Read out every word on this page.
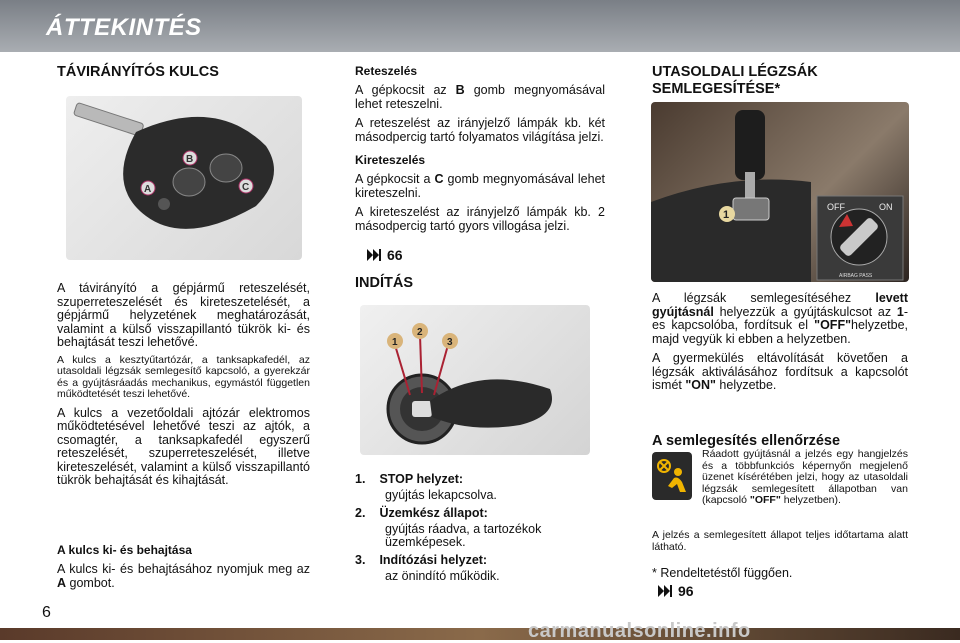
ÁTTEKINTÉS
TÁVIRÁNYÍTÓS KULCS
B
C
A

A távirányító a gépjármű reteszelését, szuperreteszelését és kireteszetelését, a gépjármű helyzetének meghatározását, valamint a külső visszapillantó tükrök ki- és behajtását teszi lehetővé.

A kulcs a kesztyűtartózár, a tanksapkafedél, az utasoldali légzsák semlegesítő kapcsoló, a gyerekzár és a gyújtásráadás mechanikus, egymástól független működtetését teszi lehetővé.

A kulcs a vezetőoldali ajtózár elektromos működtetésével lehetővé teszi az ajtók, a csomagtér, a tanksapkafedél egyszerű reteszelését, szuperreteszelését, illetve kireteszelését, valamint a külső visszapillantó tükrök behajtását és kihajtását.

A kulcs ki- és behajtása

A kulcs ki- és behajtásához nyomjuk meg az A gombot.

Reteszelés

A gépkocsit az B gomb megnyomásával lehet reteszelni.

A reteszelést az irányjelző lámpák kb. két másodpercig tartó folyamatos világítása jelzi.

Kireteszelés

A gépkocsit a C gomb megnyomásával lehet kireteszelni.

A kireteszelést az irányjelző lámpák kb. 2 másodpercig tartó gyors villogása jelzi.

66
INDÍTÁS
1
2
3
1. STOP helyzet:
gyújtás lekapcsolva.
2. Üzemkész állapot:
gyújtás ráadva, a tartozékok üzemképesek.
3. Indítózási helyzet:
az önindító működik.
UTASOLDALI LÉGZSÁK
SEMLEGESÍTÉSE*
1
OFF	ON
AIRBAG PASS

A légzsák semlegesítéséhez levett gyújtásnál helyezzük a gyújtáskulcsot az 1-es kapcsolóba, fordítsuk el "OFF"helyzetbe, majd vegyük ki ebben a helyzetben.

A gyermekülés eltávolítását követően a légzsák aktiválásához fordítsuk a kapcsolót ismét "ON" helyzetbe.

A semlegesítés ellenőrzése

Ráadott gyújtásnál a jelzés egy hangjelzés és a többfunkciós képernyőn megjelenő üzenet kísérétében jelzi, hogy az utasoldali légzsák semlegesített állapotban van (kapcsoló "OFF" helyzetben).

A jelzés a semlegesített állapot teljes időtartama alatt látható.

* Rendeltetéstől függően.

96
6
carmanualsonline.info
